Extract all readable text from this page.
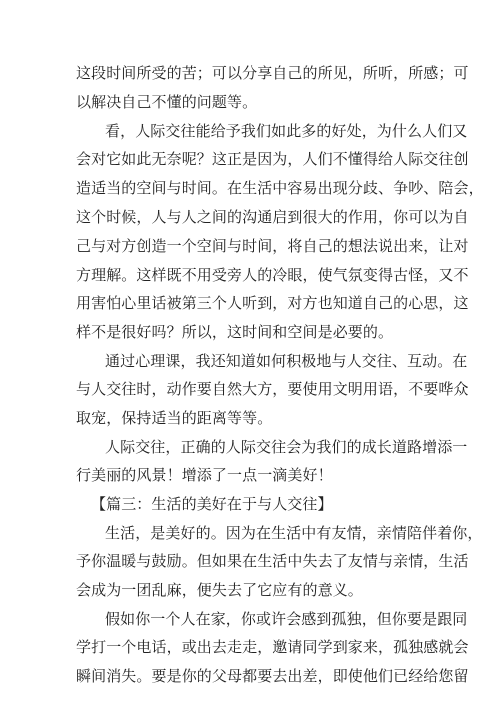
这段时间所受的苦；可以分享自己的所见，所听，所感；可
以解决自己不懂的问题等。
看，人际交往能给予我们如此多的好处，为什么人们又
会对它如此无奈呢？这正是因为，人们不懂得给人际交往创
造适当的空间与时间。在生活中容易出现分歧、争吵、陪会，
这个时候，人与人之间的沟通启到很大的作用，你可以为自
己与对方创造一个空间与时间，将自己的想法说出来，让对
方理解。这样既不用受旁人的冷眼，使气氛变得古怪，又不
用害怕心里话被第三个人听到，对方也知道自己的心思，这
样不是很好吗？所以，这时间和空间是必要的。
通过心理课，我还知道如何积极地与人交往、互动。在
与人交往时，动作要自然大方，要使用文明用语，不要哗众
取宠，保持适当的距离等等。
人际交往，正确的人际交往会为我们的成长道路增添一
行美丽的风景！增添了一点一滴美好！
【篇三：生活的美好在于与人交往】
生活，是美好的。因为在生活中有友情，亲情陪伴着你，
予你温暖与鼓励。但如果在生活中失去了友情与亲情，生活
会成为一团乱麻，便失去了它应有的意义。
假如你一个人在家，你或许会感到孤独，但你要是跟同
学打一个电话，或出去走走，邀请同学到家来，孤独感就会
瞬间消失。要是你的父母都要去出差，即使他们已经给您留
